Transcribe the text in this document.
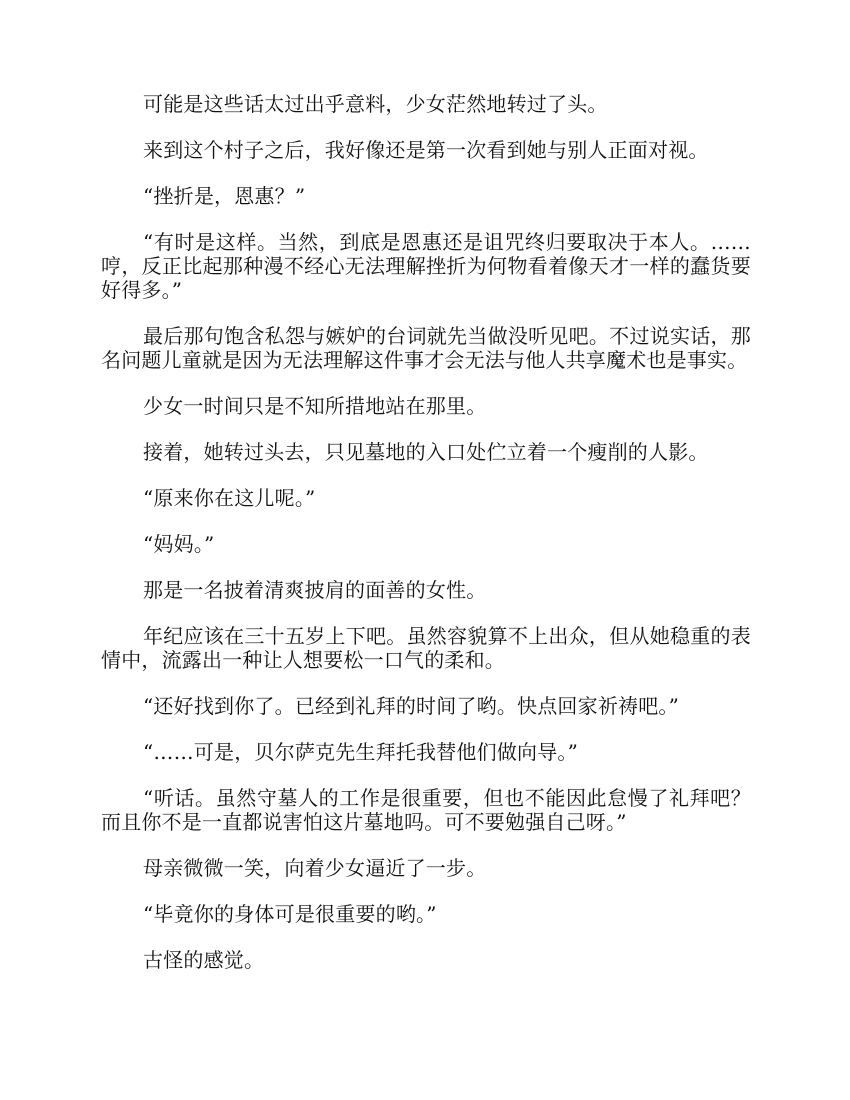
可能是这些话太过出乎意料，少女茫然地转过了头。

来到这个村子之后，我好像还是第一次看到她与别人正面对视。

“挫折是，恩惠？”

“有时是这样。当然，到底是恩惠还是诅咒终归要取决于本人。……哼，反正比起那种漫不经心无法理解挫折为何物看着像天才一样的蠢货要好得多。”

最后那句饱含私怨与嫉妒的台词就先当做没听见吧。不过说实话，那名问题儿童就是因为无法理解这件事才会无法与他人共享魔术也是事实。

少女一时间只是不知所措地站在那里。

接着，她转过头去，只见墓地的入口处伫立着一个瘦削的人影。

“原来你在这儿呢。”

“妈妈。”

那是一名披着清爽披肩的面善的女性。

年纪应该在三十五岁上下吧。虽然容貌算不上出众，但从她稳重的表情中，流露出一种让人想要松一口气的柔和。

“还好找到你了。已经到礼拜的时间了哟。快点回家祈祷吧。”

“……可是，贝尔萨克先生拜托我替他们做向导。”

“听话。虽然守墓人的工作是很重要，但也不能因此怠慢了礼拜吧？而且你不是一直都说害怕这片墓地吗。可不要勉强自己呀。”

母亲微微一笑，向着少女逼近了一步。

“毕竟你的身体可是很重要的哟。”

古怪的感觉。
